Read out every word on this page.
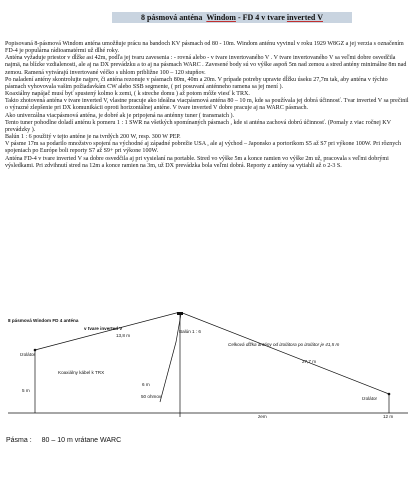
8 pásmová anténa Windom - FD 4 v tvare inverted V

Popisovaná 8-pásmová Windom anténa umožňuje prácu na bandoch KV pásmach od 80 - 10m. Windom anténu vyvinul v roku 1929 W8GZ a jej verzia s označením FD-4 je populárna rádioamatérmi už dlhé roky.

Anténa vyžaduje priestor v dĺžke asi 42m, podľa jej tvaru zavesenia : - rovná alebo - v tvare invertovaného V . V tvare invertovaného V sa veľmi dobre osvedčila najmä, na blízke vzdialenosti, ale aj na DX prevádzku a to aj na pásmach WARC . Zavesené body sú vo výške aspoň 5m nad zemou a stred antény minimálne 8m nad zemou. Ramená vytvárajú invertované véčko s uhlom približne 100 – 120 stupňov.

Po naladení antény skontrolujte najprv, či anténa rezonuje v pásmach 80m, 40m a 20m. V prípade potreby upravte dĺžku úseku 27,7m tak, aby anténa v týchto pásmach vyhovovala vašim požiadavkám CW alebo SSB segmente, ( pri posuvaní anténneho ramena sa jej mení ).

Koaxiálny napájač musí byť spustený kolmo k zemi, ( k streche domu ) až potom môže viesť k TRX.

Takto zhotovená anténa v tvare inverted V, vlastne pracuje ako ideálna viacpásmová anténa 80 – 10 m, kde sa používala jej dobrá účinnosť. Tvar inverted V sa prečinil o výrazné zlepšenie pri DX komunikácii oproti horizontálnej anténe. V tvare inverted V dobre pracuje aj na WARC pásmach.

Ako univerzálna viacpásmová anténa, je dobré ak je pripojená na anténny tuner ( transmatch ).

Tento tuner pohodlne doladí anténu k pomeru 1 : 1 SWR na všetkých spomínaných pásmach , kde si anténa zachová dobrú účinnosť. (Pomaly z viac ročnej KV prevádzky ).

Balún 1 : 6 použitý v tejto anténe je na tvrdých 200 W, resp. 300 W PEP.

V pásme 17m sa podarilo množstvo spojení na východné aj západné pobrežie USA , ale aj východ – Japonsko a portorikom S5 až S7 pri výkone 100W. Pri rôznych spojeniach po Európe boli reporty S7 až S9+ pri výkone 100W.

Anténa FD-4 v tvare inverted V sa dobre osvedčila aj pri vysielaní na portable. Stred vo výške 5m a konce ramien vo výške 2m už, pracovala s veľmi dobrými výsledkami. Pri zdvihnutí stred na 12m a konce ramien na 3m, už DX prevádzka bola veľmi dobrá. Reporty z antény sa vytiahli až o 2-3 S.

8 pásmová Windom FD 4 anténa
v tvare inverted V
Balún 1 : 6
Celková dĺžka antény od izolátora po izolátor je 41,5 m
13,8 m
27,7 m
Izolátor
Izolátor
Koaxiálny kábel k TRX
5 m
6 m
50 ohmov
12 m
zem
Pásma : 80 – 10 m vrátane WARC
